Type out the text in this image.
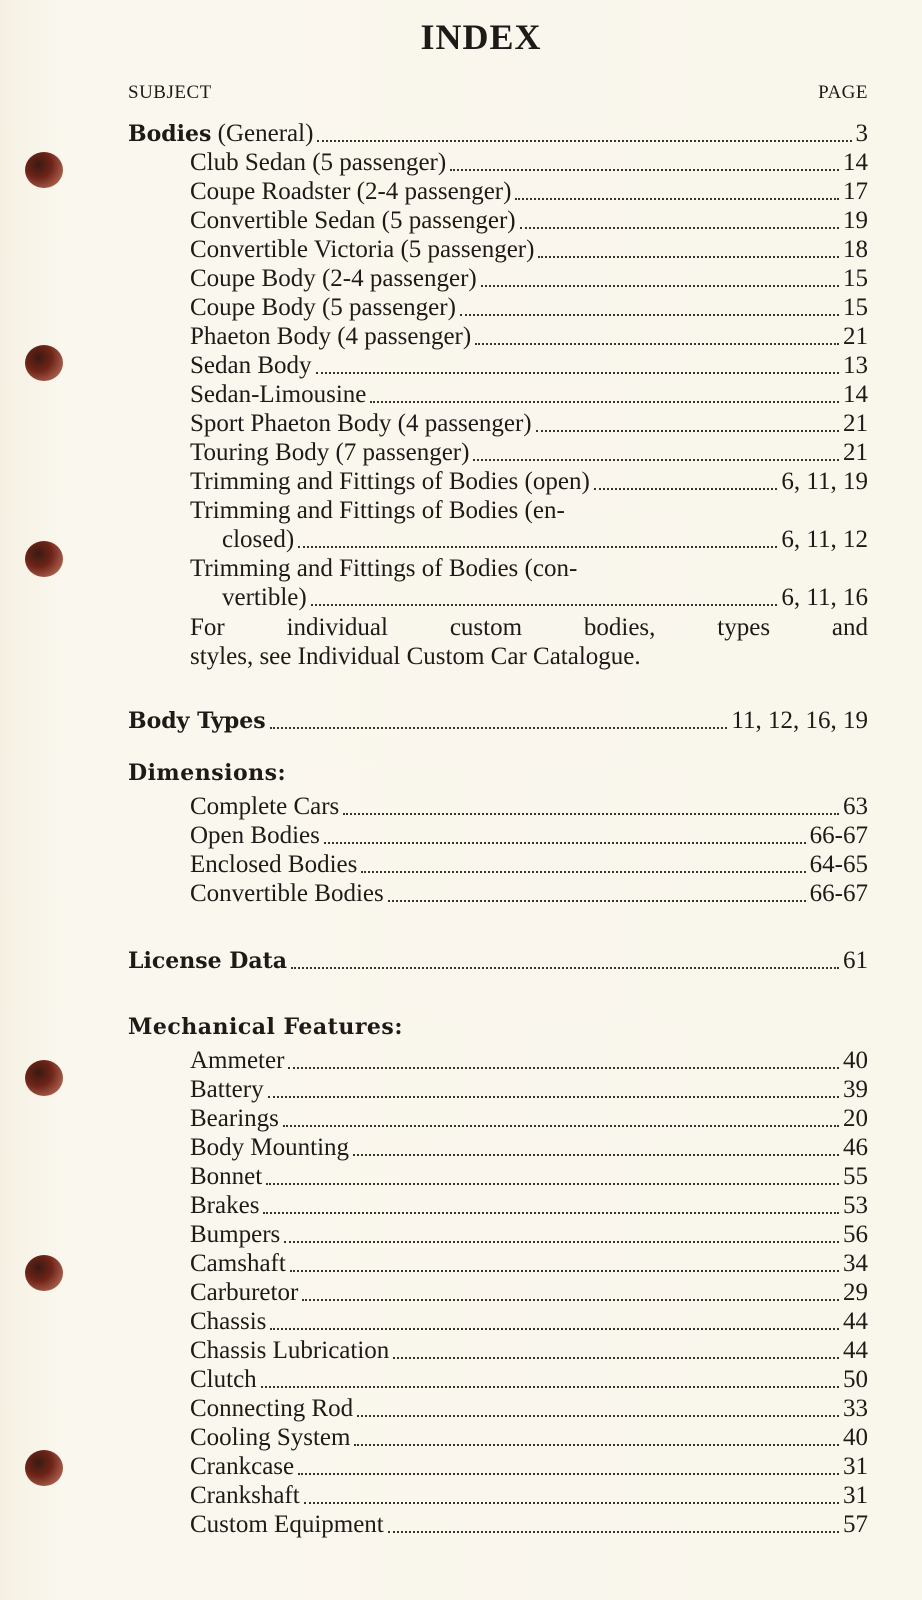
INDEX
SUBJECT	PAGE
Bodies (General)	3
Club Sedan (5 passenger)	14
Coupe Roadster (2-4 passenger)	17
Convertible Sedan (5 passenger)	19
Convertible Victoria (5 passenger)	18
Coupe Body (2-4 passenger)	15
Coupe Body (5 passenger)	15
Phaeton Body (4 passenger)	21
Sedan Body	13
Sedan-Limousine	14
Sport Phaeton Body (4 passenger)	21
Touring Body (7 passenger)	21
Trimming and Fittings of Bodies (open)	6, 11, 19
Trimming and Fittings of Bodies (en-
closed)	6, 11, 12
Trimming and Fittings of Bodies (con-
vertible)	6, 11, 16
For individual custom bodies, types and
styles, see Individual Custom Car Catalogue.
Body Types	11, 12, 16, 19
Dimensions:
Complete Cars	63
Open Bodies	66-67
Enclosed Bodies	64-65
Convertible Bodies	66-67
License Data	61
Mechanical Features:
Ammeter	40
Battery	39
Bearings	20
Body Mounting	46
Bonnet	55
Brakes	53
Bumpers	56
Camshaft	34
Carburetor	29
Chassis	44
Chassis Lubrication	44
Clutch	50
Connecting Rod	33
Cooling System	40
Crankcase	31
Crankshaft	31
Custom Equipment	57
